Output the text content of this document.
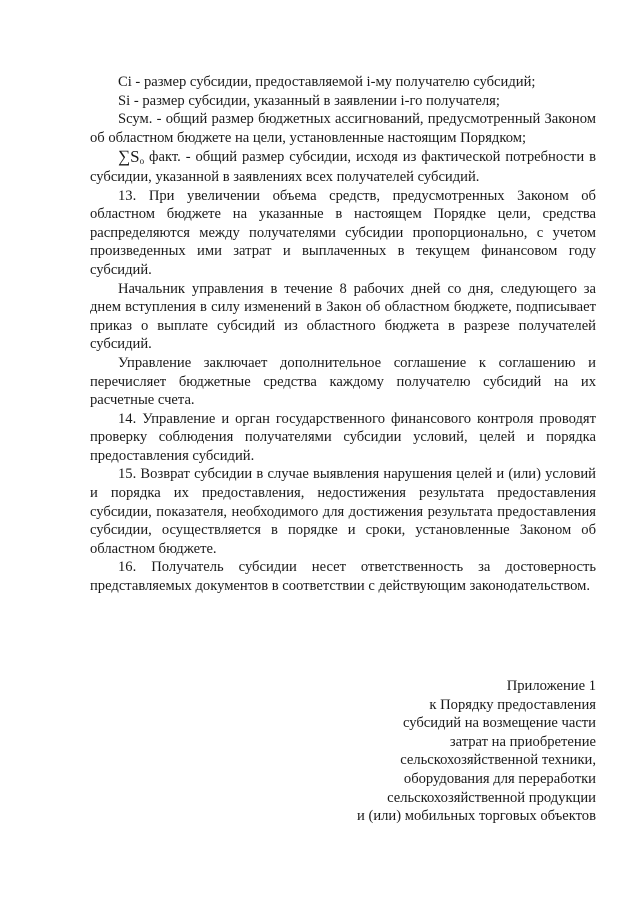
Ci - размер субсидии, предоставляемой i-му получателю субсидий;

Si - размер субсидии, указанный в заявлении i-го получателя;

Sсум. - общий размер бюджетных ассигнований, предусмотренный Законом об областном бюджете на цели, установленные настоящим Порядком;

$\sum S_o$ факт. - общий размер субсидии, исходя из фактической потребности в субсидии, указанной в заявлениях всех получателей субсидий.

13. При увеличении объема средств, предусмотренных Законом об областном бюджете на указанные в настоящем Порядке цели, средства распределяются между получателями субсидии пропорционально, с учетом произведенных ими затрат и выплаченных в текущем финансовом году субсидий.

Начальник управления в течение 8 рабочих дней со дня, следующего за днем вступления в силу изменений в Закон об областном бюджете, подписывает приказ о выплате субсидий из областного бюджета в разрезе получателей субсидий.

Управление заключает дополнительное соглашение к соглашению и перечисляет бюджетные средства каждому получателю субсидий на их расчетные счета.

14. Управление и орган государственного финансового контроля проводят проверку соблюдения получателями субсидии условий, целей и порядка предоставления субсидий.

15. Возврат субсидии в случае выявления нарушения целей и (или) условий и порядка их предоставления, недостижения результата предоставления субсидии, показателя, необходимого для достижения результата предоставления субсидии, осуществляется в порядке и сроки, установленные Законом об областном бюджете.

16. Получатель субсидии несет ответственность за достоверность представляемых документов в соответствии с действующим законодательством.

Приложение 1
к Порядку предоставления
субсидий на возмещение части
затрат на приобретение
сельскохозяйственной техники,
оборудования для переработки
сельскохозяйственной продукции
и (или) мобильных торговых объектов
